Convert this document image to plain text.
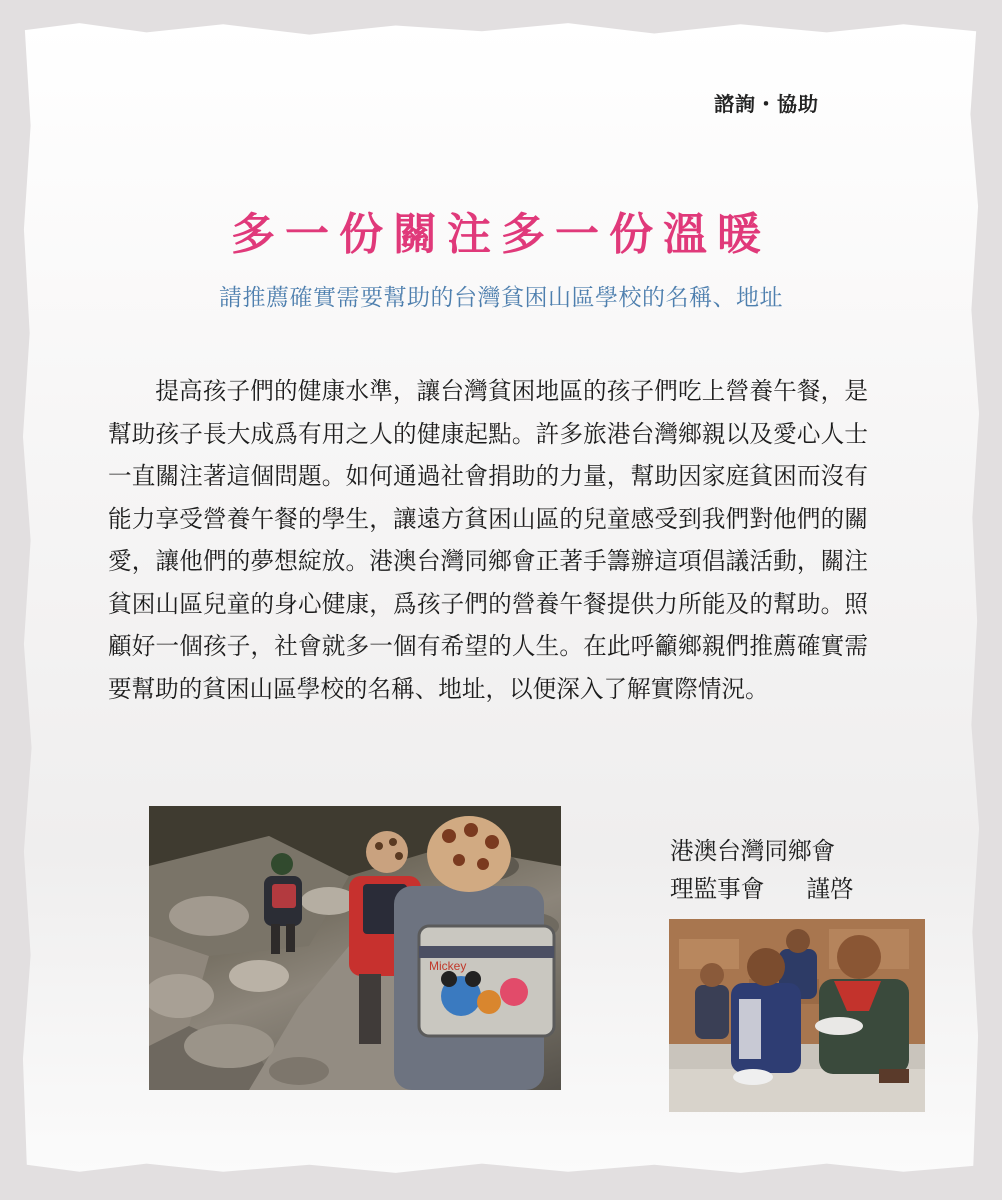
諮詢・協助
多一份關注多一份溫暖
請推薦確實需要幫助的台灣貧困山區學校的名稱、地址
提高孩子們的健康水準，讓台灣貧困地區的孩子們吃上營養午餐，是幫助孩子長大成爲有用之人的健康起點。許多旅港台灣鄉親以及愛心人士一直關注著這個問題。如何通過社會捐助的力量，幫助因家庭貧困而沒有能力享受營養午餐的學生，讓遠方貧困山區的兒童感受到我們對他們的關愛，讓他們的夢想綻放。港澳台灣同鄉會正著手籌辦這項倡議活動，關注貧困山區兒童的身心健康，爲孩子們的營養午餐提供力所能及的幫助。照顧好一個孩子，社會就多一個有希望的人生。在此呼籲鄉親們推薦確實需要幫助的貧困山區學校的名稱、地址，以便深入了解實際情況。
Mickey
港澳台灣同鄉會
理監事會 謹啓
